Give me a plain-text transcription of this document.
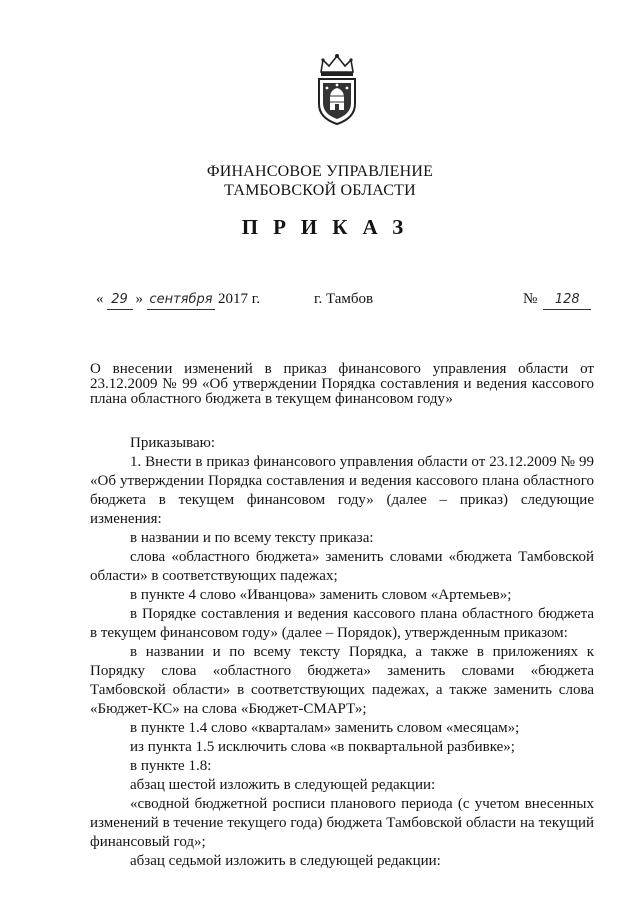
ФИНАНСОВОЕ УПРАВЛЕНИЕ
ТАМБОВСКОЙ ОБЛАСТИ
ПРИКАЗ
« 29 » сентября 2017 г.	г. Тамбов	№	128
О внесении изменений в приказ финансового управления области от
23.12.2009 № 99 «Об утверждении Порядка составления и ведения кассового
плана областного бюджета в текущем финансовом году»

Приказываю:

1. Внести в приказ финансового управления области от 23.12.2009 № 99 «Об утверждении Порядка составления и ведения кассового плана областного бюджета в текущем финансовом году» (далее – приказ) следующие изменения:

в названии и по всему тексту приказа:

слова «областного бюджета» заменить словами «бюджета Тамбовской области» в соответствующих падежах;

в пункте 4 слово «Иванцова» заменить словом «Артемьев»;

в Порядке составления и ведения кассового плана областного бюджета в текущем финансовом году» (далее – Порядок), утвержденным приказом:

в названии и по всему тексту Порядка, а также в приложениях к Порядку слова «областного бюджета» заменить словами «бюджета Тамбовской области» в соответствующих падежах, а также заменить слова «Бюджет-КС» на слова «Бюджет-СМАРТ»;

в пункте 1.4 слово «кварталам» заменить словом «месяцам»;

из пункта 1.5 исключить слова «в поквартальной разбивке»;

в пункте 1.8:

абзац шестой изложить в следующей редакции:

«сводной бюджетной росписи планового периода (с учетом внесенных изменений в течение текущего года) бюджета Тамбовской области на текущий финансовый год»;

абзац седьмой изложить в следующей редакции:
